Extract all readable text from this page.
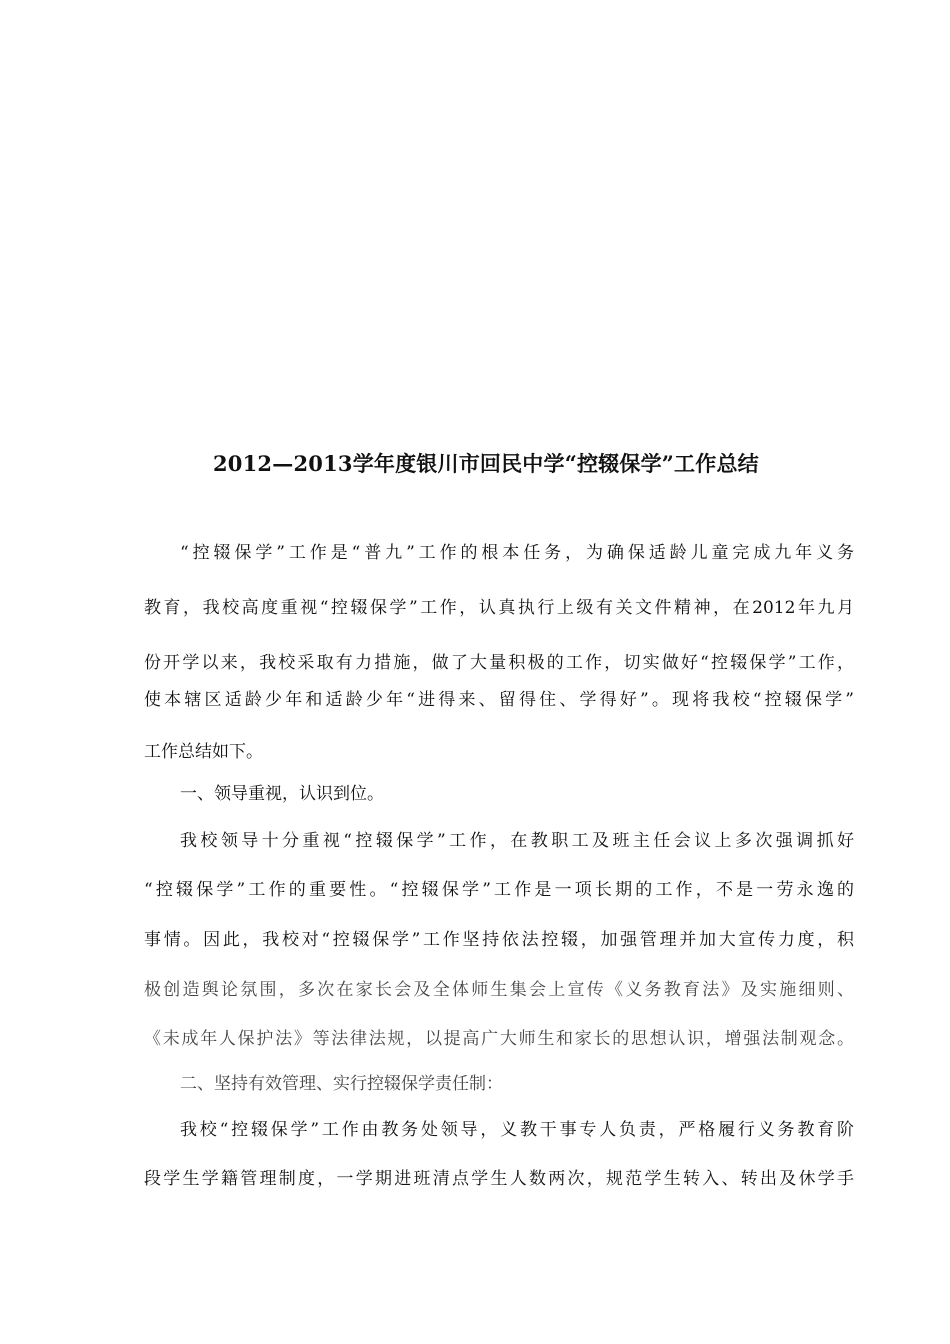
2012—2013学年度银川市回民中学“控辍保学”工作总结
“控辍保学”工作是“普九”工作的根本任务，为确保适龄儿童完成九年义务
教育，我校高度重视“控辍保学”工作，认真执行上级有关文件精神，在2012年九月
份开学以来，我校采取有力措施，做了大量积极的工作，切实做好“控辍保学”工作，
使本辖区适龄少年和适龄少年“进得来、留得住、学得好”。现将我校“控辍保学”
工作总结如下。
一、领导重视，认识到位。
我校领导十分重视“控辍保学”工作，在教职工及班主任会议上多次强调抓好
“控辍保学”工作的重要性。“控辍保学”工作是一项长期的工作，不是一劳永逸的
事情。因此，我校对“控辍保学”工作坚持依法控辍，加强管理并加大宣传力度，积
极创造舆论氛围，多次在家长会及全体师生集会上宣传《义务教育法》及实施细则、
《未成年人保护法》等法律法规，以提高广大师生和家长的思想认识，增强法制观念。
二、坚持有效管理、实行控辍保学责任制：
我校“控辍保学”工作由教务处领导，义教干事专人负责，严格履行义务教育阶
段学生学籍管理制度，一学期进班清点学生人数两次，规范学生转入、转出及休学手
